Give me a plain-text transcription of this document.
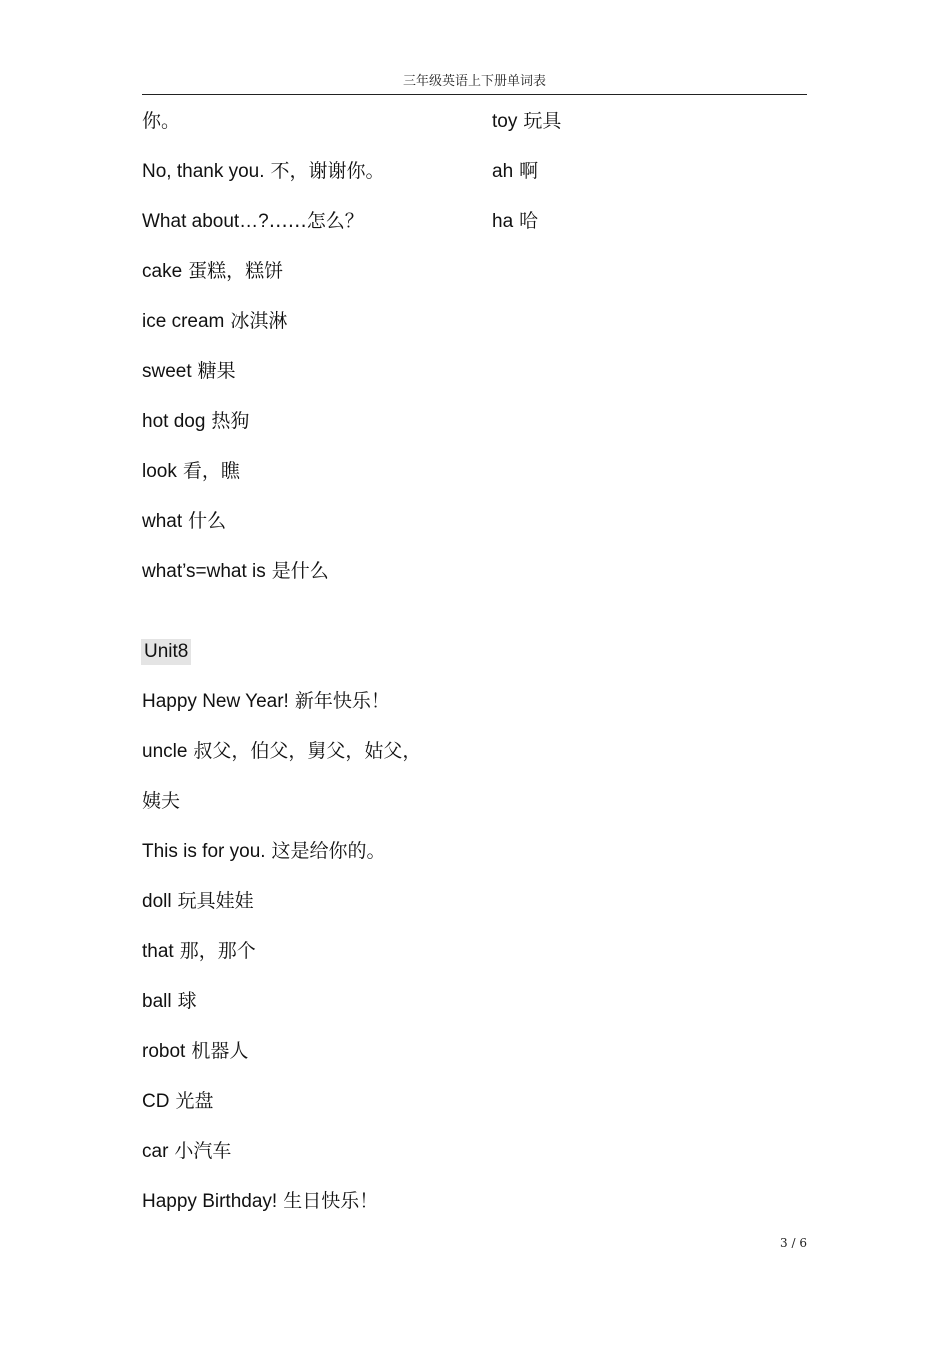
三年级英语上下册单词表
你。
No, thank you. 不，谢谢你。
What about…?……怎么？
cake 蛋糕，糕饼
ice cream 冰淇淋
sweet 糖果
hot dog 热狗
look 看，瞧
what 什么
what’s=what is 是什么
Unit8
Happy New Year! 新年快乐！
uncle 叔父，伯父，舅父，姑父，
姨夫
This is for you. 这是给你的。
doll 玩具娃娃
that 那，那个
ball 球
robot 机器人
CD 光盘
car 小汽车
Happy Birthday! 生日快乐！
toy 玩具
ah 啊
ha 哈
3 / 6
